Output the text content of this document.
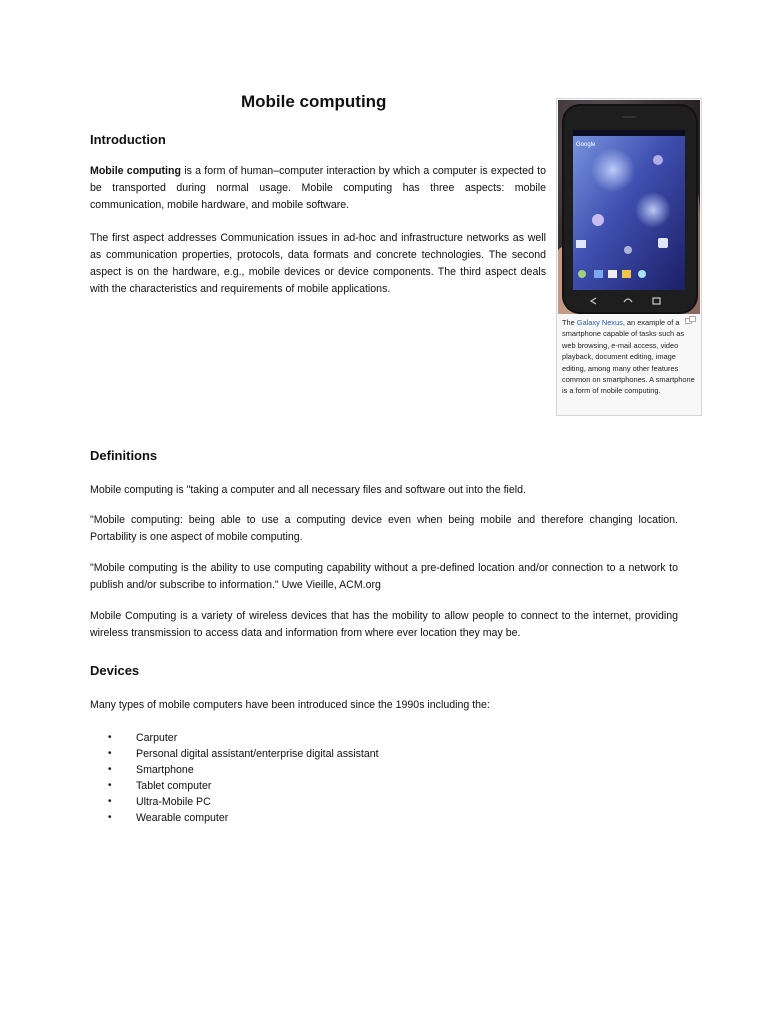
Mobile computing
Introduction

Mobile computing is a form of human–computer interaction by which a computer is expected to be transported during normal usage. Mobile computing has three aspects: mobile communication, mobile hardware, and mobile software.

The first aspect addresses Communication issues in ad-hoc and infrastructure networks as well as communication properties, protocols, data formats and concrete technologies. The second aspect is on the hardware, e.g., mobile devices or device components. The third aspect deals with the characteristics and requirements of mobile applications.

Google
The Galaxy Nexus, an example of a smartphone capable of tasks such as web browsing, e-mail access, video playback, document editing, image editing, among many other features common on smartphones. A smartphone is a form of mobile computing.
Definitions

Mobile computing is "taking a computer and all necessary files and software out into the field.

"Mobile computing: being able to use a computing device even when being mobile and therefore changing location. Portability is one aspect of mobile computing.

"Mobile computing is the ability to use computing capability without a pre-defined location and/or connection to a network to publish and/or subscribe to information." Uwe Vieille, ACM.org

Mobile Computing is a variety of wireless devices that has the mobility to allow people to connect to the internet, providing wireless transmission to access data and information from where ever location they may be.

Devices

Many types of mobile computers have been introduced since the 1990s including the:

• Carputer
• Personal digital assistant/enterprise digital assistant
• Smartphone
• Tablet computer
• Ultra-Mobile PC
• Wearable computer
